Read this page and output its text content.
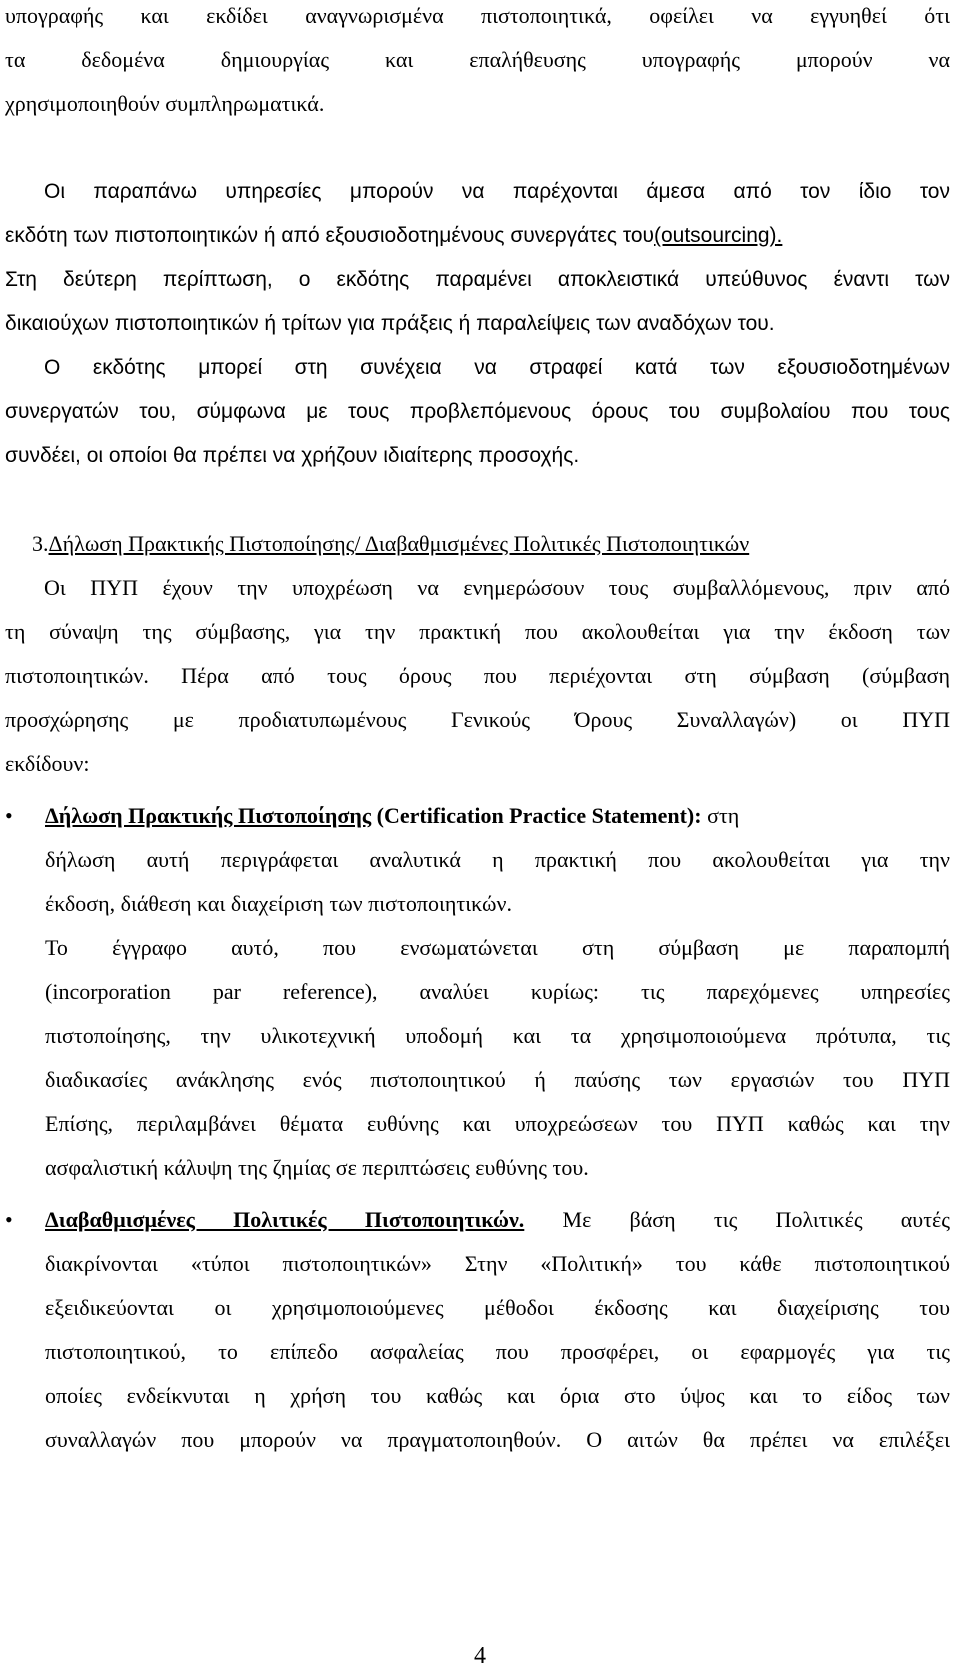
υπογραφής και εκδίδει αναγνωρισμένα πιστοποιητικά, οφείλει να εγγυηθεί ότι

τα δεδομένα δημιουργίας και επαλήθευσης υπογραφής μπορούν να

χρησιμοποιηθούν συμπληρωματικά.

Οι παραπάνω υπηρεσίες μπορούν να παρέχονται άμεσα από τον ίδιο τον

εκδότη των πιστοποιητικών ή από εξουσιοδοτημένους συνεργάτες του(outsourcing).

Στη δεύτερη περίπτωση, ο εκδότης παραμένει αποκλειστικά υπεύθυνος έναντι των

δικαιούχων πιστοποιητικών ή τρίτων για πράξεις ή παραλείψεις των αναδόχων του.

Ο εκδότης μπορεί στη συνέχεια να στραφεί κατά των εξουσιοδοτημένων

συνεργατών του, σύμφωνα με τους προβλεπόμενους όρους του συμβολαίου που τους

συνδέει, οι οποίοι θα πρέπει να χρήζουν ιδιαίτερης προσοχής.

3.Δήλωση Πρακτικής Πιστοποίησης/ Διαβαθμισμένες Πολιτικές Πιστοποιητικών

Οι ΠΥΠ έχουν την υποχρέωση να ενημερώσουν τους συμβαλλόμενους, πριν από

τη σύναψη της σύμβασης, για την πρακτική που ακολουθείται για την έκδοση των

πιστοποιητικών. Πέρα από τους όρους που περιέχονται στη σύμβαση (σύμβαση

προσχώρησης με προδιατυπωμένους Γενικούς Όρους Συναλλαγών) οι ΠΥΠ

εκδίδουν:

• Δήλωση Πρακτικής Πιστοποίησης (Certification Practice Statement): στη

δήλωση αυτή περιγράφεται αναλυτικά η πρακτική που ακολουθείται για την

έκδοση, διάθεση και διαχείριση των πιστοποιητικών.

Το έγγραφο αυτό, που ενσωματώνεται στη σύμβαση με παραπομπή

(incorporation par reference), αναλύει κυρίως: τις παρεχόμενες υπηρεσίες

πιστοποίησης, την υλικοτεχνική υποδομή και τα χρησιμοποιούμενα πρότυπα, τις

διαδικασίες ανάκλησης ενός πιστοποιητικού ή παύσης των εργασιών του ΠΥΠ

Επίσης, περιλαμβάνει θέματα ευθύνης και υποχρεώσεων του ΠΥΠ καθώς και την

ασφαλιστική κάλυψη της ζημίας σε περιπτώσεις ευθύνης του.

• Διαβαθμισμένες Πολιτικές Πιστοποιητικών. Με βάση τις Πολιτικές αυτές

διακρίνονται «τύποι πιστοποιητικών» Στην «Πολιτική» του κάθε πιστοποιητικού

εξειδικεύονται οι χρησιμοποιούμενες μέθοδοι έκδοσης και διαχείρισης του

πιστοποιητικού, το επίπεδο ασφαλείας που προσφέρει, οι εφαρμογές για τις

οποίες ενδείκνυται η χρήση του καθώς και όρια στο ύψος και το είδος των

συναλλαγών που μπορούν να πραγματοποιηθούν. Ο αιτών θα πρέπει να επιλέξει

4
